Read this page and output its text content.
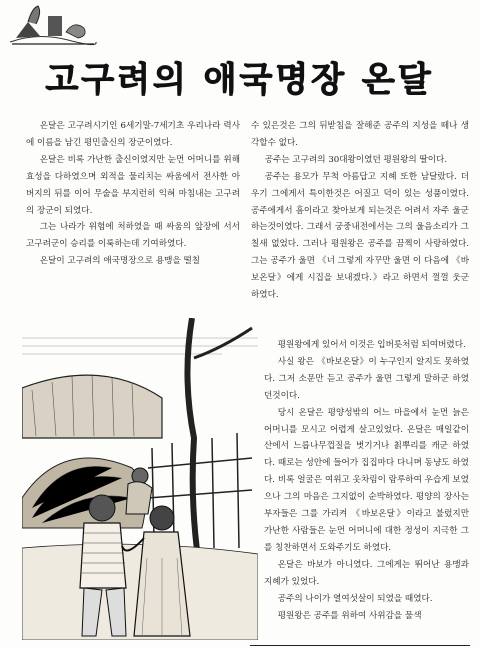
고구려의 애국명장 온달

온달은 고구려시기인 6세기말-7세기초 우리나라 력사에 이름을 남긴 평민출신의 장군이였다.

온달은 비록 가난한 출신이였지만 눈먼 어머니를 위해 효성을 다하였으며 외적을 물리치는 싸움에서 전사한 아버지의 뒤를 이어 무술을 부지런히 익혀 마침내는 고구려의 장군이 되였다.

그는 나라가 위험에 처하였을 때 싸움의 앞장에 서서 고구려군이 승리를 이룩하는데 기여하였다.

온달이 고구려의 애국명장으로 용맹을 떨칠

수 있은것은 그의 뒤받침을 잘해준 공주의 지성을 떼나 생각할수 없다.

공주는 고구려의 30대왕이였던 평원왕의 딸이다.

공주는 용모가 무척 아름답고 지혜 또한 남달랐다. 더우기 그에게서 특이한것은 어질고 덕이 있는 성품이였다. 공주에게서 흠이라고 찾아보게 되는것은 어려서 자주 울군 하는것이였다. 그래서 궁중내전에서는 그의 울음소리가 그칠새 없었다. 그러나 평원왕은 공주를 끔찍이 사랑하였다. 그는 공주가 울면 《너 그렇게 자꾸만 울면 이 다음에 《바보온달》에게 시집을 보내겠다.》라고 하면서 껄껄 웃군 하였다.

평원왕에게 있어서 이것은 입버릇처럼 되여버렸다.

사실 왕은 《바보온달》이 누구인지 알지도 못하였다. 그저 소문만 듣고 공주가 울면 그렇게 말하군 하였던것이다.

당시 온달은 평양성밖의 어느 마을에서 눈먼 늙은 어머니를 모시고 어렵게 살고있었다. 온달은 매일같이 산에서 느릅나무껍질을 벗기거나 칡뿌리를 캐군 하였다. 때로는 성안에 들어가 집집마다 다니며 동냥도 하였다. 비록 얼굴은 여위고 옷차림이 람루하여 우습게 보였으나 그의 마음은 그지없이 순박하였다. 평양의 장사는 부자들은 그를 가리켜 《바보온달》이라고 불렀지만 가난한 사람들은 눈먼 어머니에 대한 정성이 지극한 그를 칭찬하면서 도와주기도 하였다.

온달은 바보가 아니였다. 그에게는 뛰어난 용맹과 지혜가 있었다.

공주의 나이가 열여섯살이 되였을 때였다.

평원왕은 공주를 위하여 사위감을 물색
